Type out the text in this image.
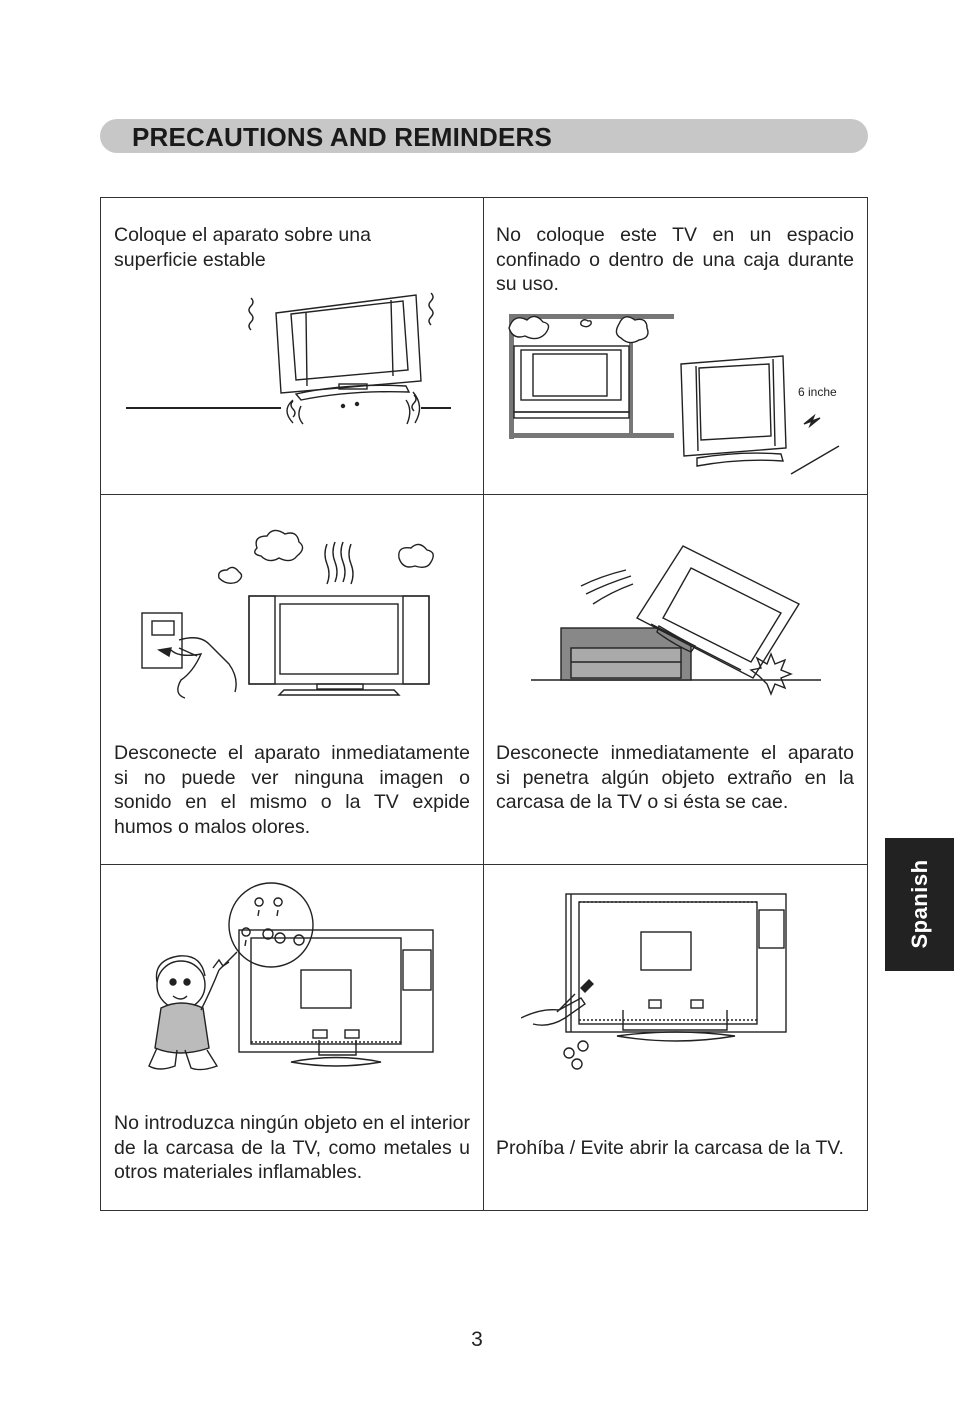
PRECAUTIONS AND REMINDERS

Coloque el aparato sobre una superficie estable

No coloque este TV en un espacio confinado o dentro de una caja durante su uso.

6 inche

Desconecte el aparato inmediatamente si no puede ver ninguna imagen o sonido en el mismo o la TV expide humos o malos olores.

Desconecte inmediatamente el aparato si penetra algún objeto extraño en la carcasa de la TV o si ésta se cae.

No introduzca ningún objeto en el interior de la carcasa de la TV, como metales u otros materiales inflamables.

Prohíba / Evite abrir la carcasa de la TV.

Spanish
3
